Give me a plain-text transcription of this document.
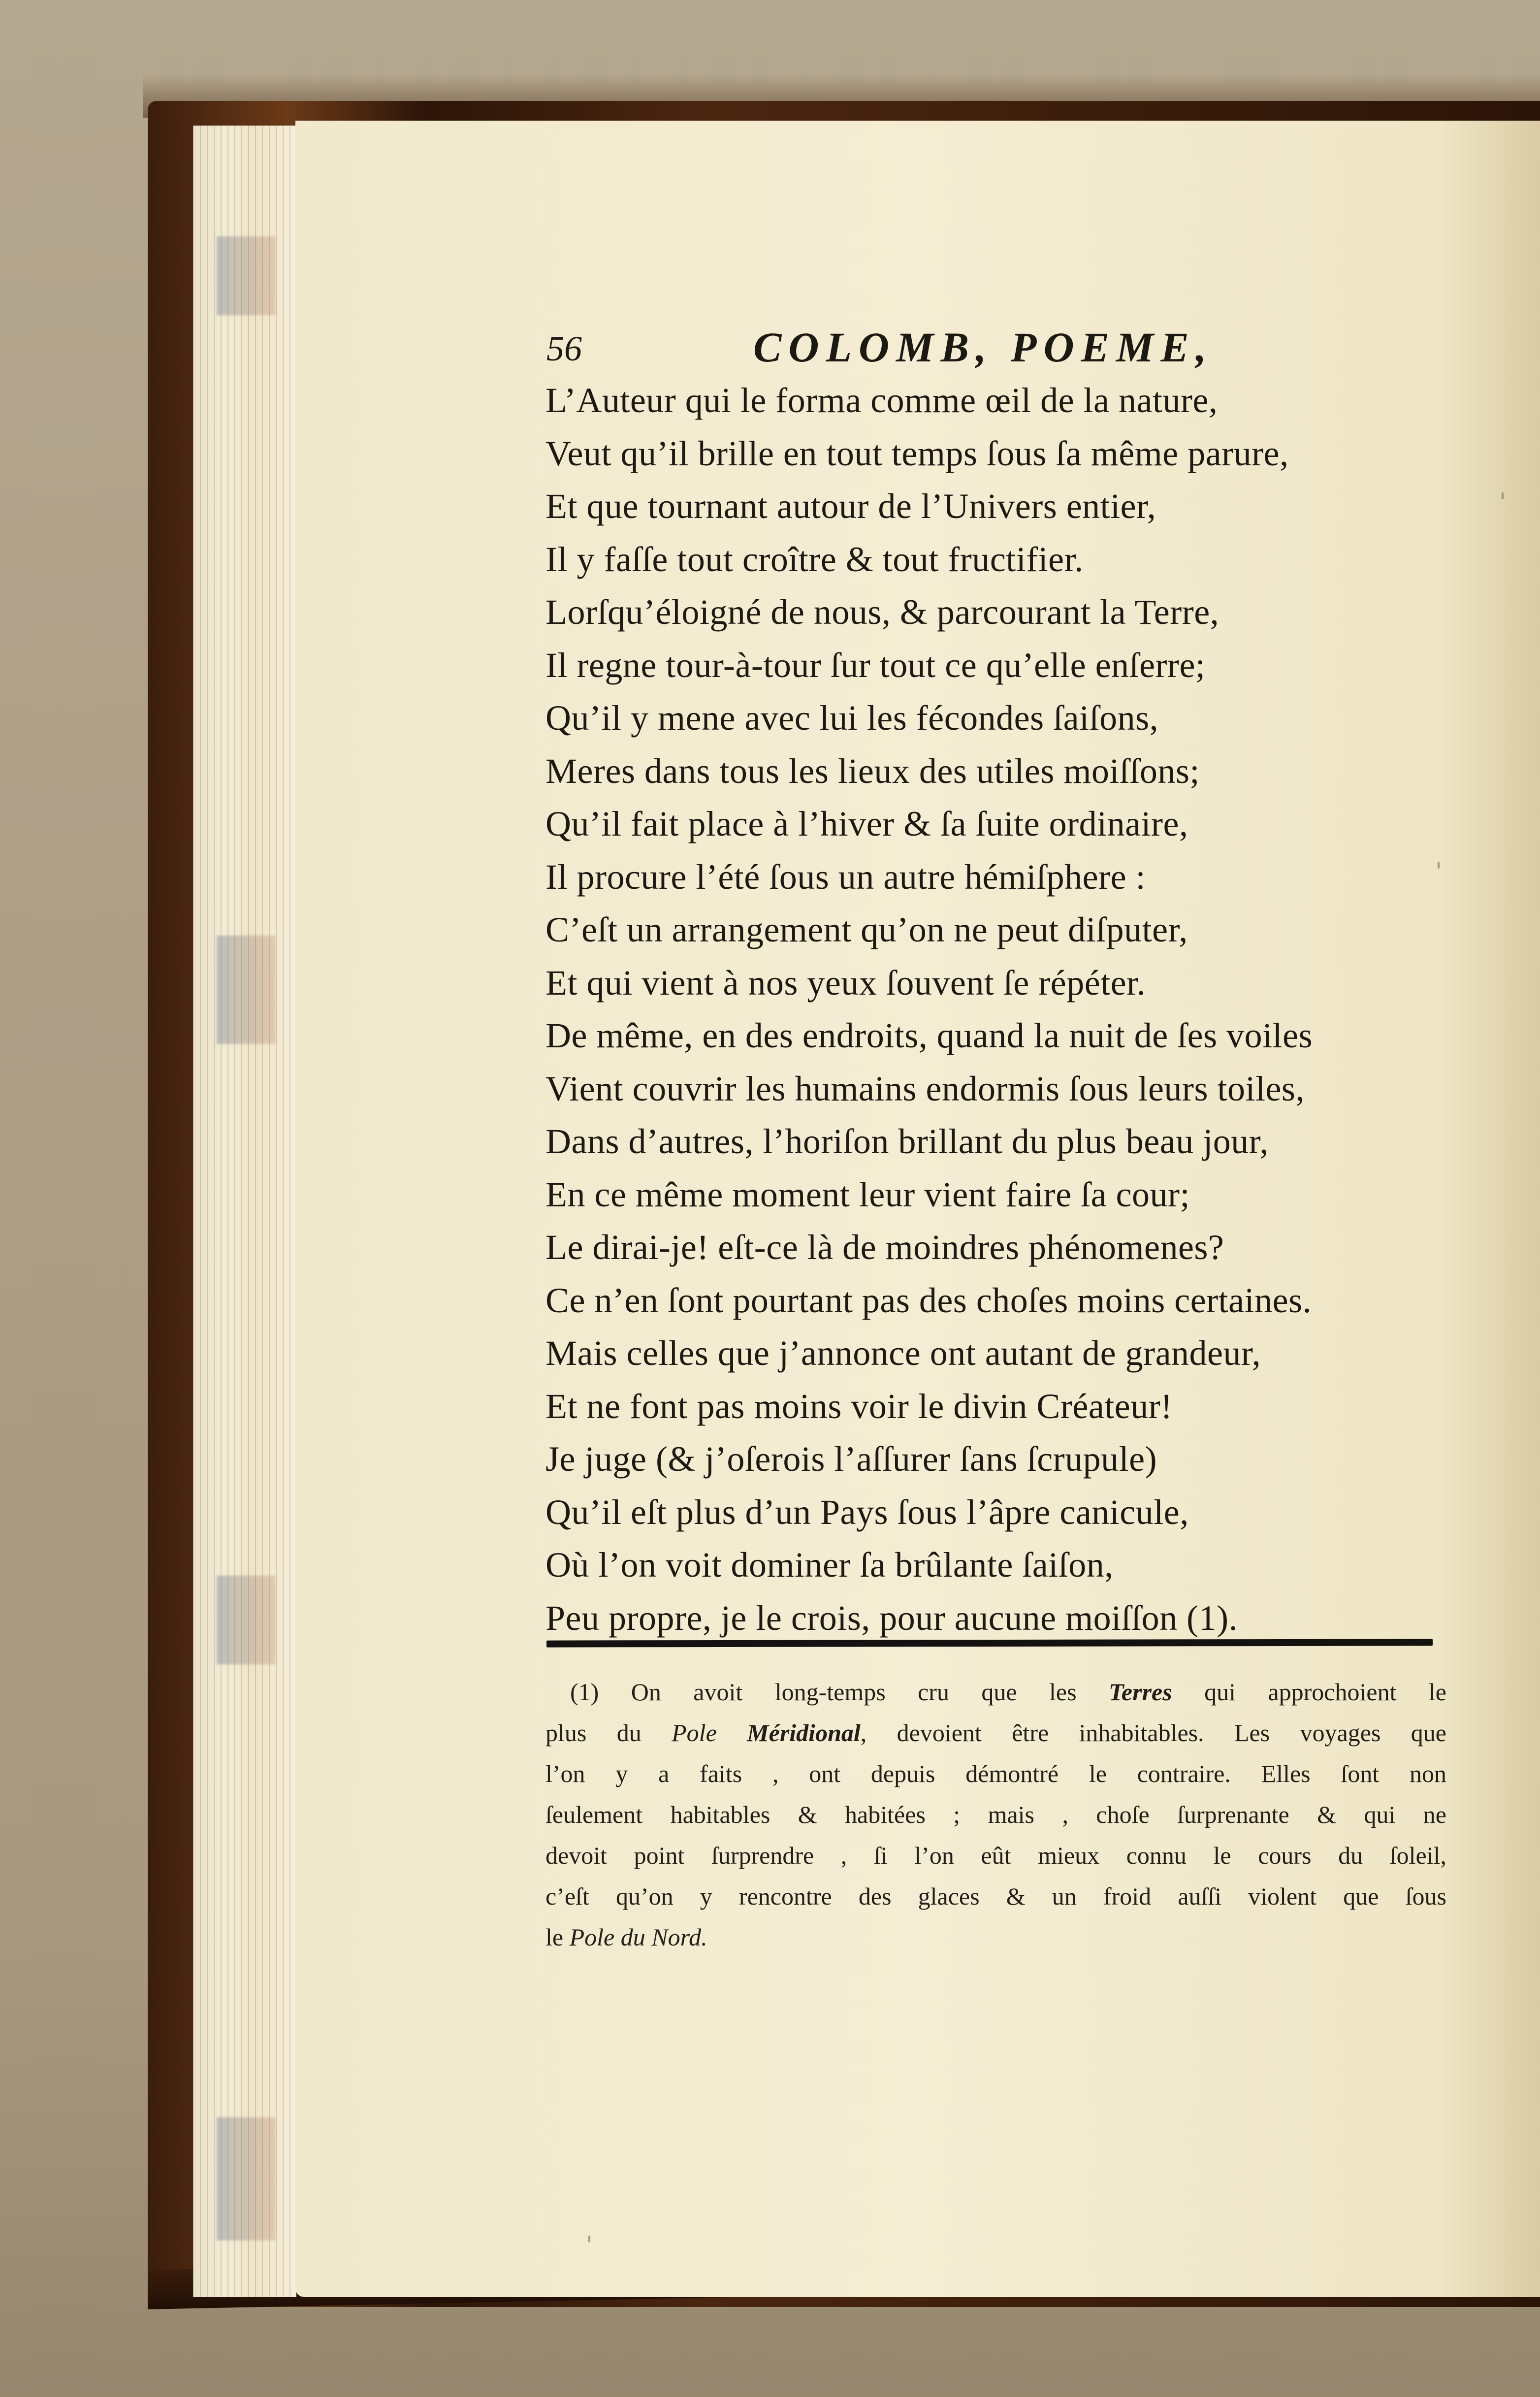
56	COLOMB, POEME,
L’Auteur qui le forma comme œil de la nature,
Veut qu’il brille en tout temps ſous ſa même parure,
Et que tournant autour de l’Univers entier,
Il y faſſe tout croître & tout fructifier.
Lorſqu’éloigné de nous, & parcourant la Terre,
Il regne tour-à-tour ſur tout ce qu’elle enſerre;
Qu’il y mene avec lui les fécondes ſaiſons,
Meres dans tous les lieux des utiles moiſſons;
Qu’il fait place à l’hiver & ſa ſuite ordinaire,
Il procure l’été ſous un autre hémiſphere :
C’eſt un arrangement qu’on ne peut diſputer,
Et qui vient à nos yeux ſouvent ſe répéter.
De même, en des endroits, quand la nuit de ſes voiles
Vient couvrir les humains endormis ſous leurs toiles,
Dans d’autres, l’horiſon brillant du plus beau jour,
En ce même moment leur vient faire ſa cour;
Le dirai-je! eſt-ce là de moindres phénomenes?
Ce n’en ſont pourtant pas des choſes moins certaines.
Mais celles que j’annonce ont autant de grandeur,
Et ne font pas moins voir le divin Créateur!
Je juge (& j’oſerois l’aſſurer ſans ſcrupule)
Qu’il eſt plus d’un Pays ſous l’âpre canicule,
Où l’on voit dominer ſa brûlante ſaiſon,
Peu propre, je le crois, pour aucune moiſſon (1).
(1) On avoit long-temps cru que les Terres qui approchoient le
plus du Pole Méridional, devoient être inhabitables. Les voyages que
l’on y a faits , ont depuis démontré le contraire. Elles ſont non
ſeulement habitables & habitées ; mais , choſe ſurprenante & qui ne
devoit point ſurprendre , ſi l’on eût mieux connu le cours du ſoleil,
c’eſt qu’on y rencontre des glaces & un froid auſſi violent que ſous
le Pole du Nord.
